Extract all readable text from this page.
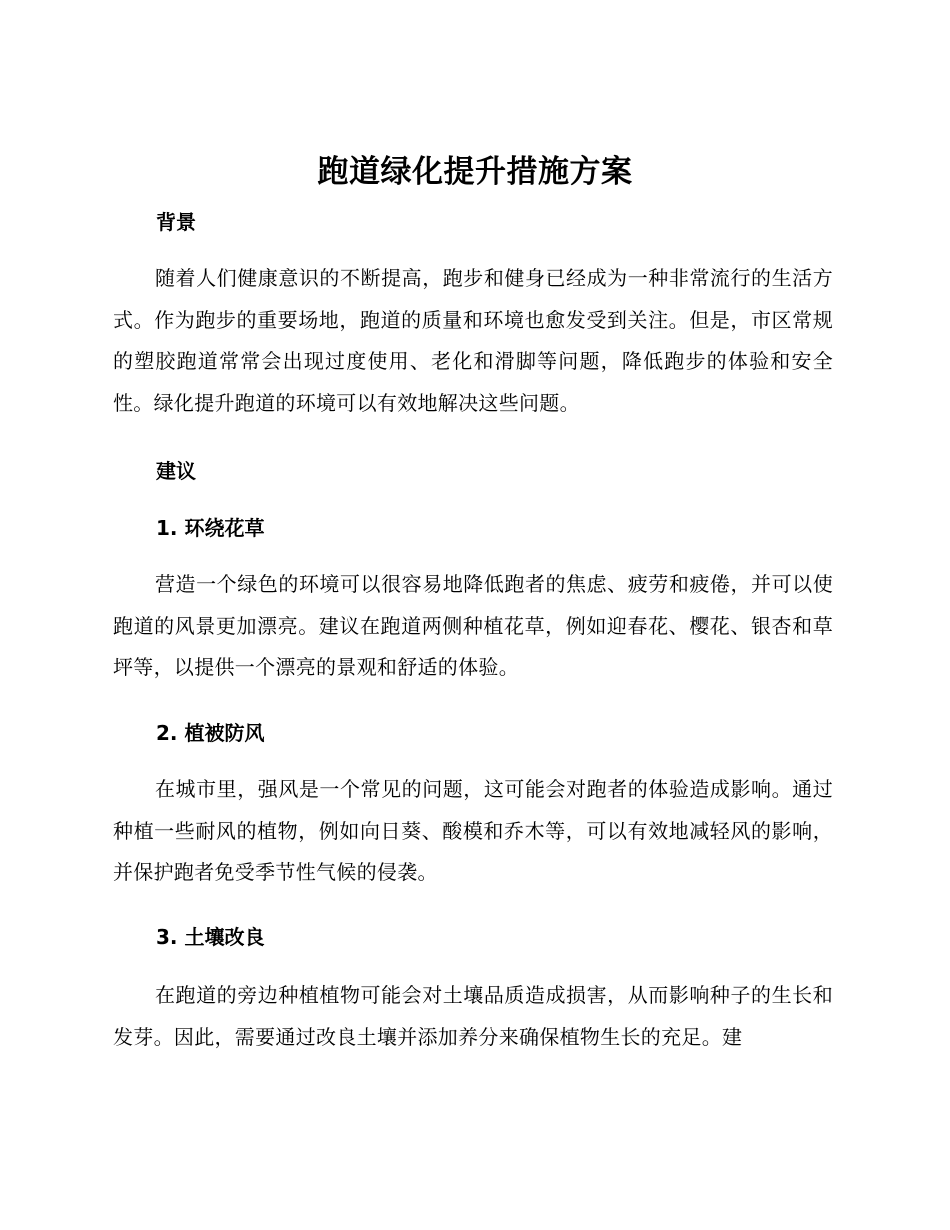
跑道绿化提升措施方案
背景
随着人们健康意识的不断提高，跑步和健身已经成为一种非常流行的生活方式。作为跑步的重要场地，跑道的质量和环境也愈发受到关注。但是，市区常规的塑胶跑道常常会出现过度使用、老化和滑脚等问题，降低跑步的体验和安全性。绿化提升跑道的环境可以有效地解决这些问题。
建议
1. 环绕花草
营造一个绿色的环境可以很容易地降低跑者的焦虑、疲劳和疲倦，并可以使跑道的风景更加漂亮。建议在跑道两侧种植花草，例如迎春花、樱花、银杏和草坪等，以提供一个漂亮的景观和舒适的体验。
2. 植被防风
在城市里，强风是一个常见的问题，这可能会对跑者的体验造成影响。通过种植一些耐风的植物，例如向日葵、酸模和乔木等，可以有效地减轻风的影响，并保护跑者免受季节性气候的侵袭。
3. 土壤改良
在跑道的旁边种植植物可能会对土壤品质造成损害，从而影响种子的生长和发芽。因此，需要通过改良土壤并添加养分来确保植物生长的充足。建
